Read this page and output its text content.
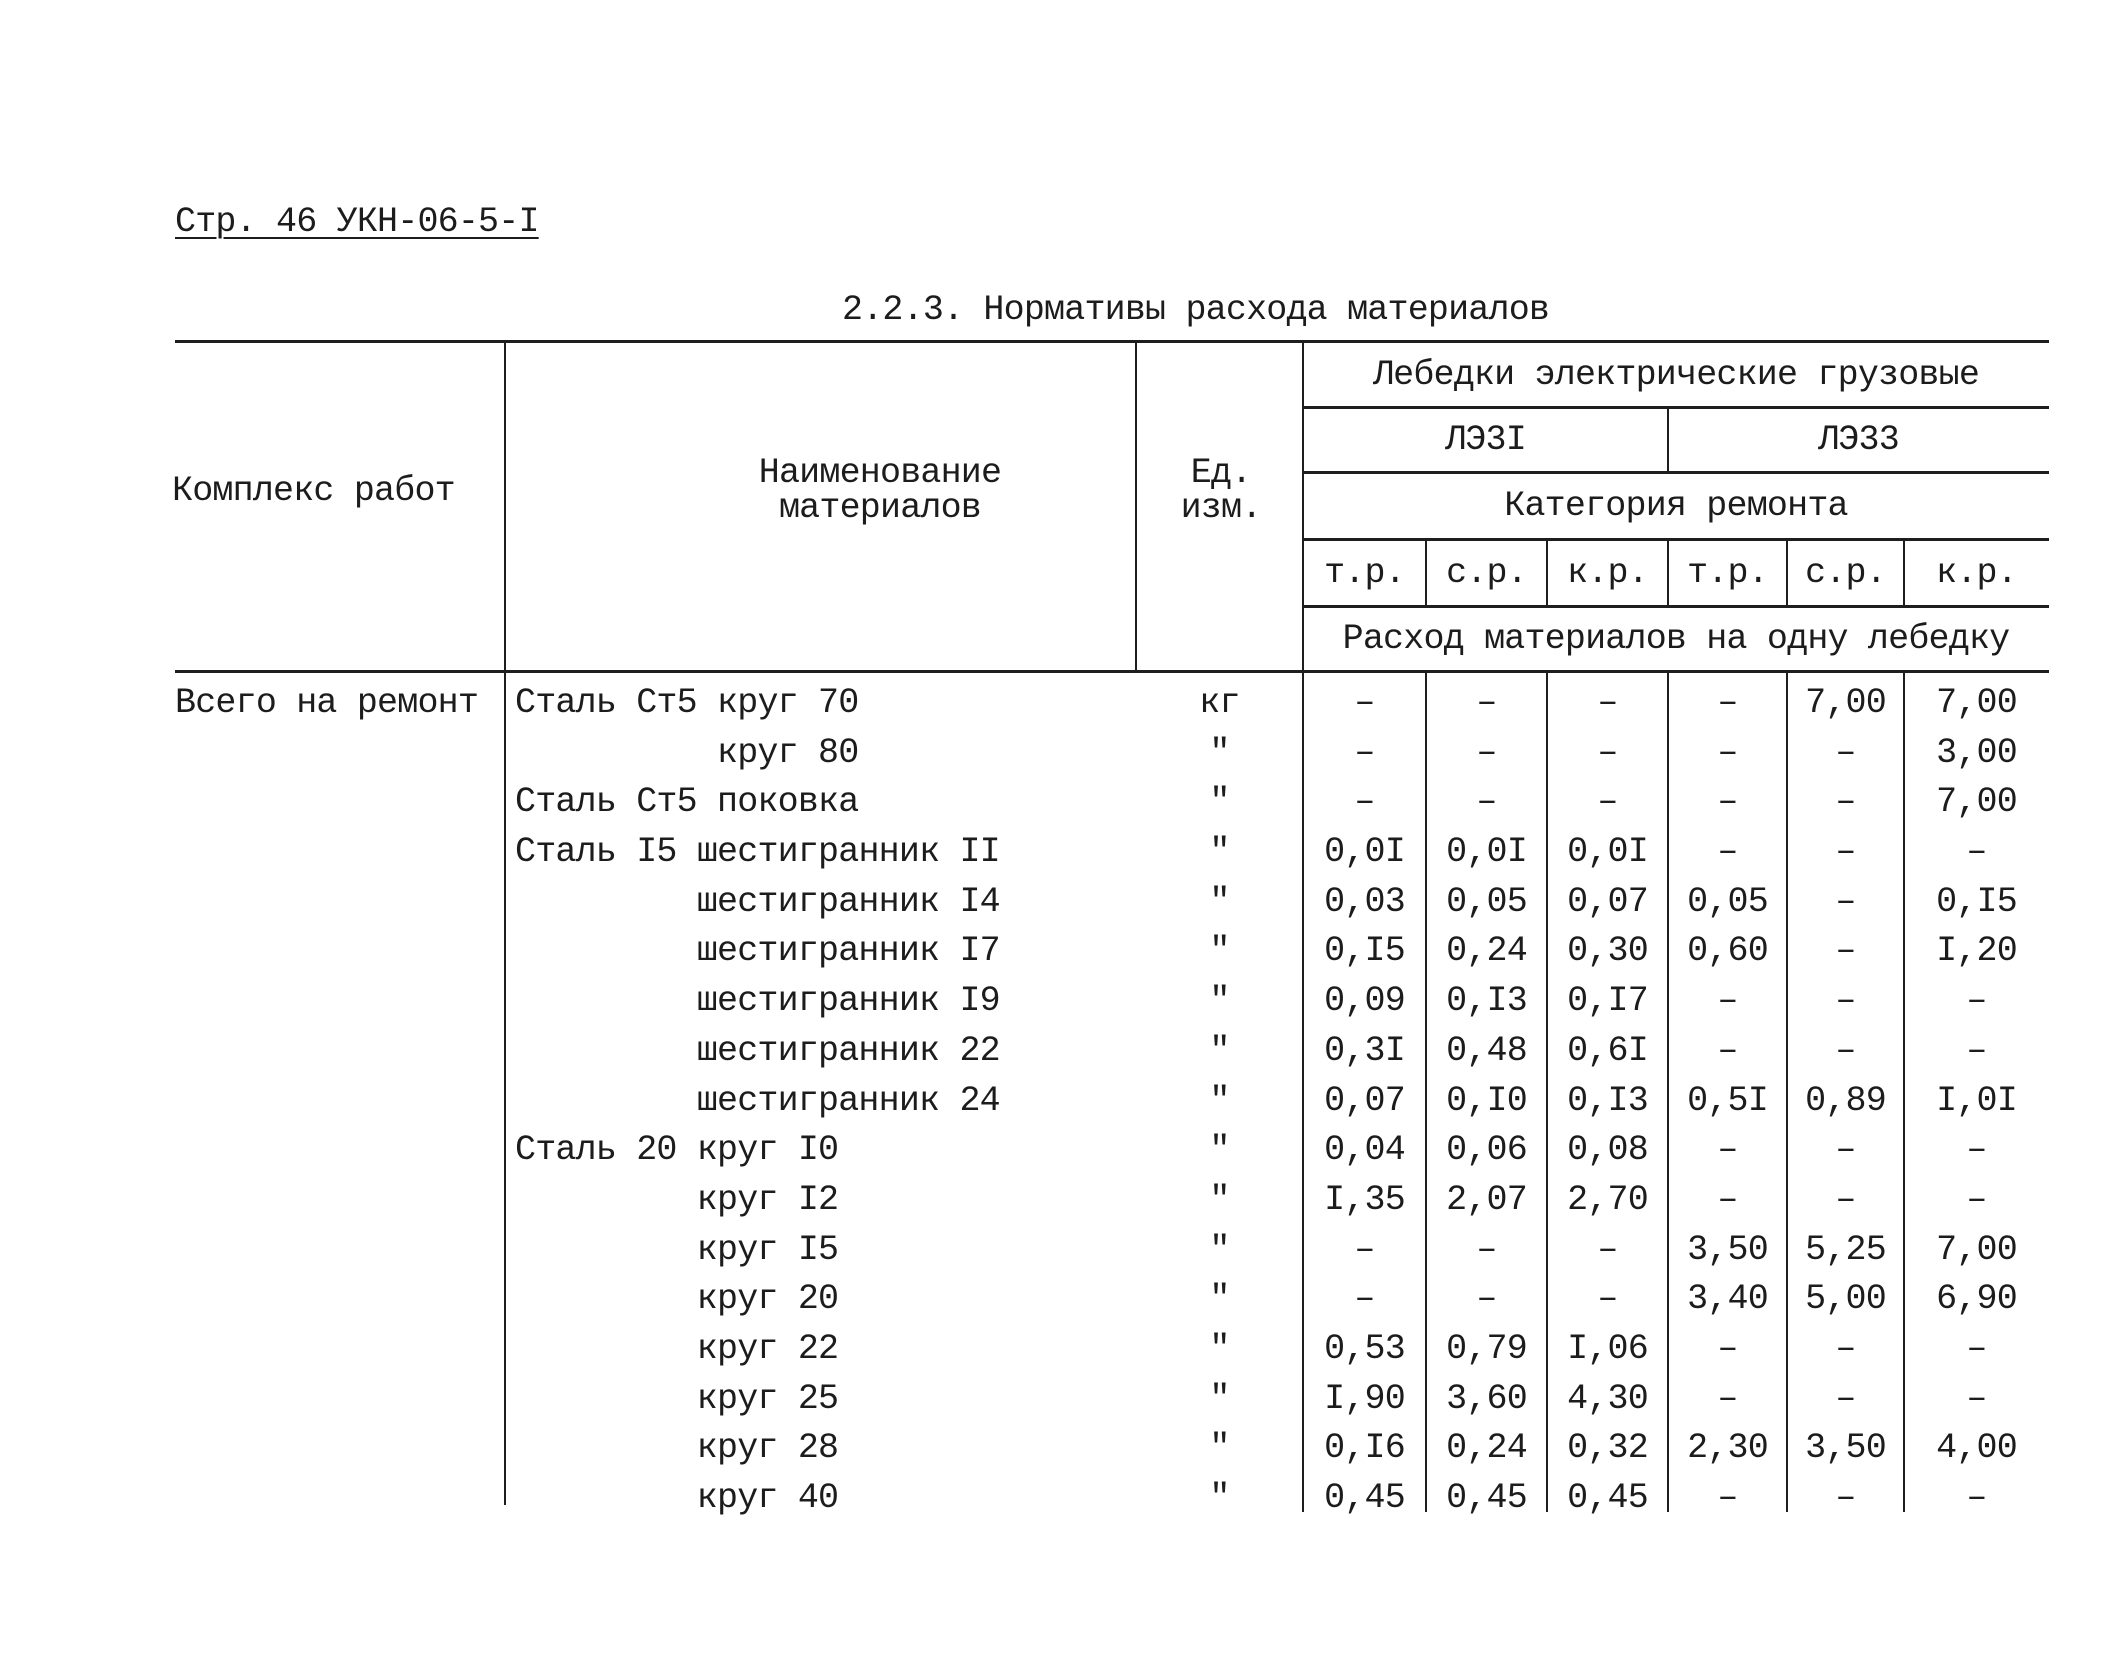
Стр. 46 УКН-06-5-I
2.2.3. Нормативы расхода материалов
Комплекс работ	Наименование
материалов
Ед.
изм.
Лебедки электрические грузовые
ЛЭ3I	ЛЭ33
Категория ремонта
т.р.	с.р.	к.р.	т.р.	с.р.	к.р.
Расход материалов на одну лебедку
Всего на ремонт	Сталь Ст5 круг 70	кг	–	–	–	–	7,00	7,00
круг 80	"	–	–	–	–	–	3,00
Сталь Ст5 поковка	"	–	–	–	–	–	7,00
Сталь I5 шестигранник II	"	0,0I	0,0I	0,0I	–	–	–
шестигранник I4	"	0,03	0,05	0,07	0,05	–	0,I5
шестигранник I7	"	0,I5	0,24	0,30	0,60	–	I,20
шестигранник I9	"	0,09	0,I3	0,I7	–	–	–
шестигранник 22	"	0,3I	0,48	0,6I	–	–	–
шестигранник 24	"	0,07	0,I0	0,I3	0,5I	0,89	I,0I
Сталь 20 круг I0	"	0,04	0,06	0,08	–	–	–
круг I2	"	I,35	2,07	2,70	–	–	–
круг I5	"	–	–	–	3,50	5,25	7,00
круг 20	"	–	–	–	3,40	5,00	6,90
круг 22	"	0,53	0,79	I,06	–	–	–
круг 25	"	I,90	3,60	4,30	–	–	–
круг 28	"	0,I6	0,24	0,32	2,30	3,50	4,00
круг 40	"	0,45	0,45	0,45	–	–	–
